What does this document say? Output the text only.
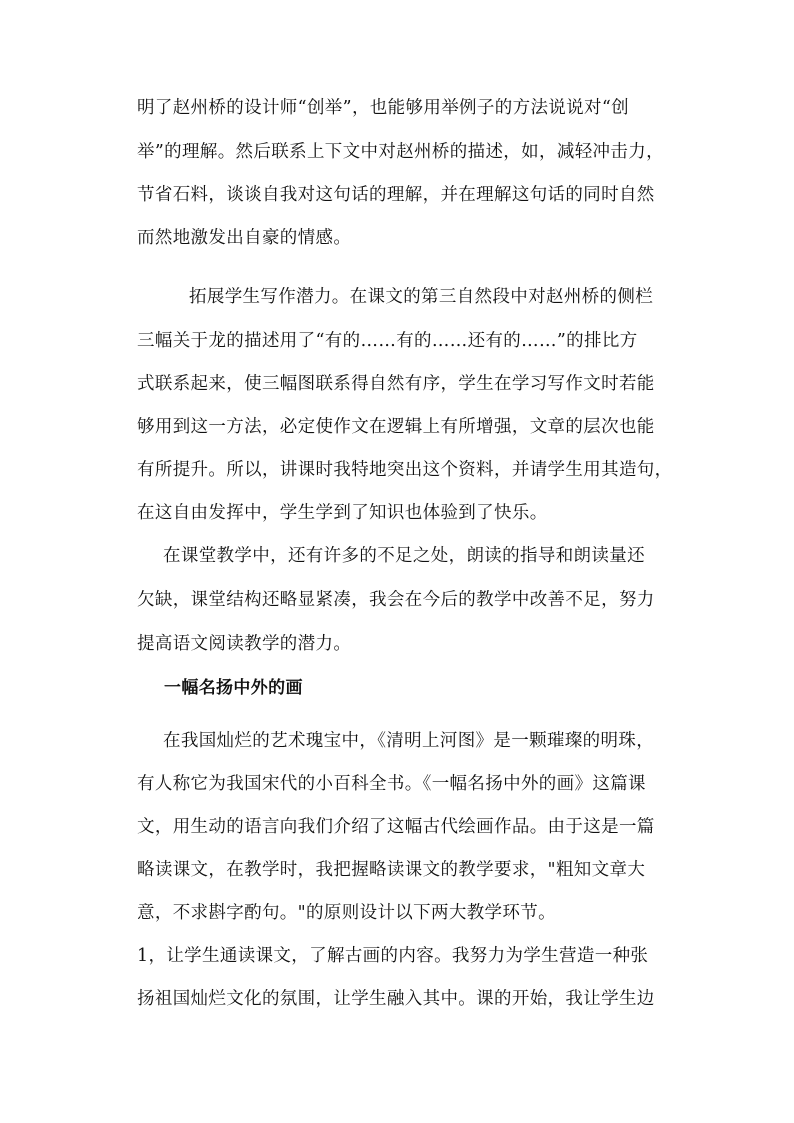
明了赵州桥的设计师“创举”，也能够用举例子的方法说说对“创
举”的理解。然后联系上下文中对赵州桥的描述，如，减轻冲击力，
节省石料，谈谈自我对这句话的理解，并在理解这句话的同时自然
而然地激发出自豪的情感。
拓展学生写作潜力。在课文的第三自然段中对赵州桥的侧栏
三幅关于龙的描述用了“有的……有的……还有的……”的排比方
式联系起来，使三幅图联系得自然有序，学生在学习写作文时若能
够用到这一方法，必定使作文在逻辑上有所增强，文章的层次也能
有所提升。所以，讲课时我特地突出这个资料，并请学生用其造句，
在这自由发挥中，学生学到了知识也体验到了快乐。
在课堂教学中，还有许多的不足之处，朗读的指导和朗读量还
欠缺，课堂结构还略显紧凑，我会在今后的教学中改善不足，努力
提高语文阅读教学的潜力。
一幅名扬中外的画
在我国灿烂的艺术瑰宝中，《清明上河图》是一颗璀璨的明珠，
有人称它为我国宋代的小百科全书。《一幅名扬中外的画》这篇课
文，用生动的语言向我们介绍了这幅古代绘画作品。由于这是一篇
略读课文，在教学时，我把握略读课文的教学要求，"粗知文章大
意，不求斟字酌句。"的原则设计以下两大教学环节。
1，让学生通读课文，了解古画的内容。我努力为学生营造一种张
扬祖国灿烂文化的氛围，让学生融入其中。课的开始，我让学生边
